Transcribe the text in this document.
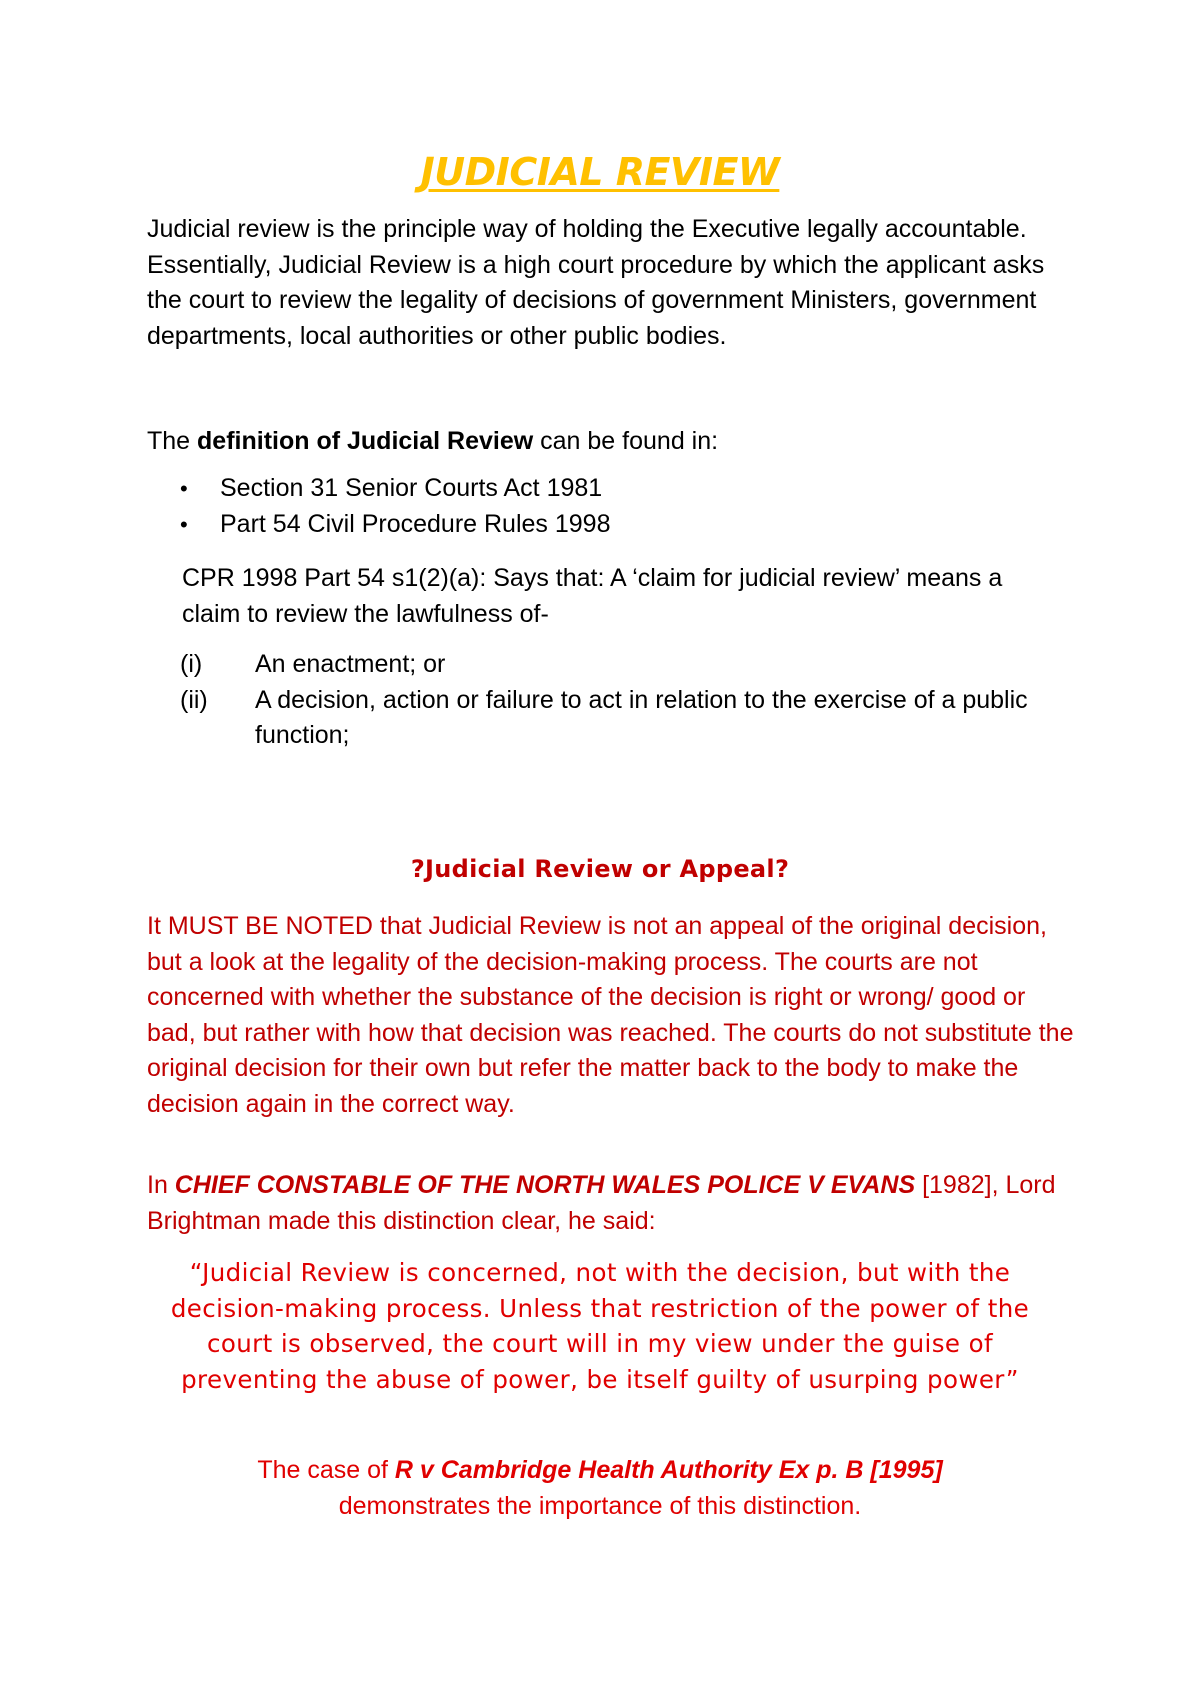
JUDICIAL REVIEW
Judicial review is the principle way of holding the Executive legally accountable. Essentially, Judicial Review is a high court procedure by which the applicant asks the court to review the legality of decisions of government Ministers, government departments, local authorities or other public bodies.
The definition of Judicial Review can be found in:
•	Section 31 Senior Courts Act 1981
•	Part 54 Civil Procedure Rules 1998
CPR 1998 Part 54 s1(2)(a): Says that: A ‘claim for judicial review’ means a claim to review the lawfulness of-
(i)	An enactment; or
(ii)	A decision, action or failure to act in relation to the exercise of a public function;
?Judicial Review or Appeal?
It MUST BE NOTED that Judicial Review is not an appeal of the original decision, but a look at the legality of the decision-making process. The courts are not concerned with whether the substance of the decision is right or wrong/ good or bad, but rather with how that decision was reached. The courts do not substitute the original decision for their own but refer the matter back to the body to make the decision again in the correct way.
In CHIEF CONSTABLE OF THE NORTH WALES POLICE V EVANS [1982], Lord Brightman made this distinction clear, he said:
“Judicial Review is concerned, not with the decision, but with the decision-making process. Unless that restriction of the power of the court is observed, the court will in my view under the guise of preventing the abuse of power, be itself guilty of usurping power”
The case of R v Cambridge Health Authority Ex p. B [1995]
demonstrates the importance of this distinction.
